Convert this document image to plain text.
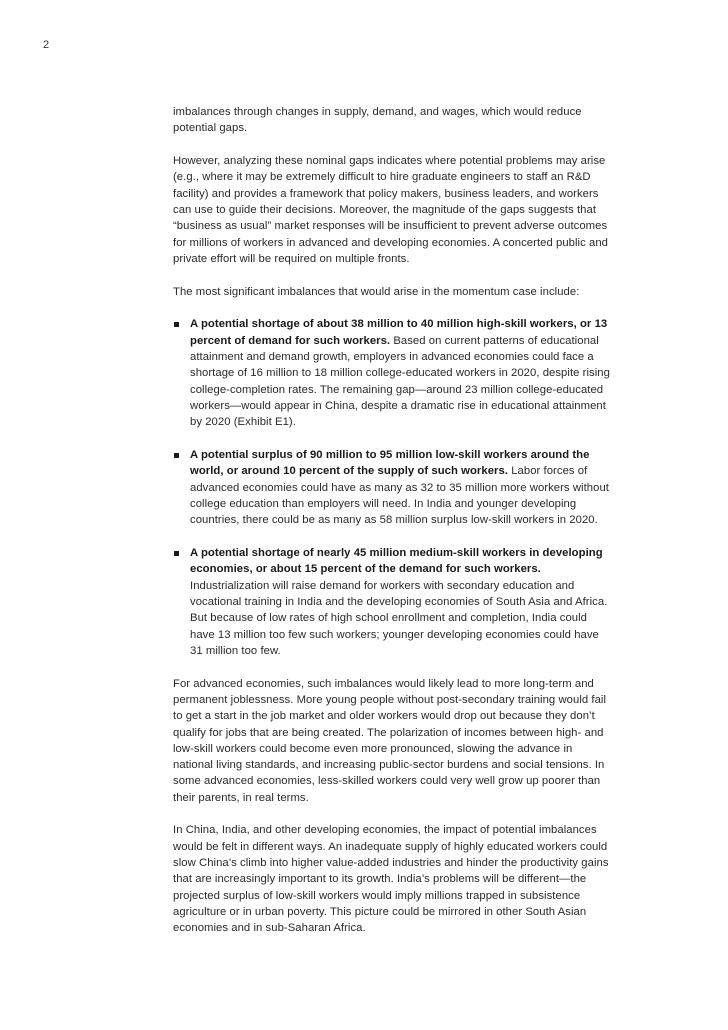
2

imbalances through changes in supply, demand, and wages, which would reduce potential gaps.

However, analyzing these nominal gaps indicates where potential problems may arise (e.g., where it may be extremely difficult to hire graduate engineers to staff an R&D facility) and provides a framework that policy makers, business leaders, and workers can use to guide their decisions. Moreover, the magnitude of the gaps suggests that “business as usual” market responses will be insufficient to prevent adverse outcomes for millions of workers in advanced and developing economies. A concerted public and private effort will be required on multiple fronts.

The most significant imbalances that would arise in the momentum case include:

A potential shortage of about 38 million to 40 million high-skill workers, or 13 percent of demand for such workers. Based on current patterns of educational attainment and demand growth, employers in advanced economies could face a shortage of 16 million to 18 million college-educated workers in 2020, despite rising college-completion rates. The remaining gap—around 23 million college-educated workers—would appear in China, despite a dramatic rise in educational attainment by 2020 (Exhibit E1).
A potential surplus of 90 million to 95 million low-skill workers around the world, or around 10 percent of the supply of such workers. Labor forces of advanced economies could have as many as 32 to 35 million more workers without college education than employers will need. In India and younger developing countries, there could be as many as 58 million surplus low-skill workers in 2020.
A potential shortage of nearly 45 million medium-skill workers in developing economies, or about 15 percent of the demand for such workers. Industrialization will raise demand for workers with secondary education and vocational training in India and the developing economies of South Asia and Africa. But because of low rates of high school enrollment and completion, India could have 13 million too few such workers; younger developing economies could have 31 million too few.

For advanced economies, such imbalances would likely lead to more long-term and permanent joblessness. More young people without post-secondary training would fail to get a start in the job market and older workers would drop out because they don’t qualify for jobs that are being created. The polarization of incomes between high- and low-skill workers could become even more pronounced, slowing the advance in national living standards, and increasing public-sector burdens and social tensions. In some advanced economies, less-skilled workers could very well grow up poorer than their parents, in real terms.

In China, India, and other developing economies, the impact of potential imbalances would be felt in different ways. An inadequate supply of highly educated workers could slow China’s climb into higher value-added industries and hinder the productivity gains that are increasingly important to its growth. India’s problems will be different—the projected surplus of low-skill workers would imply millions trapped in subsistence agriculture or in urban poverty. This picture could be mirrored in other South Asian economies and in sub-Saharan Africa.
